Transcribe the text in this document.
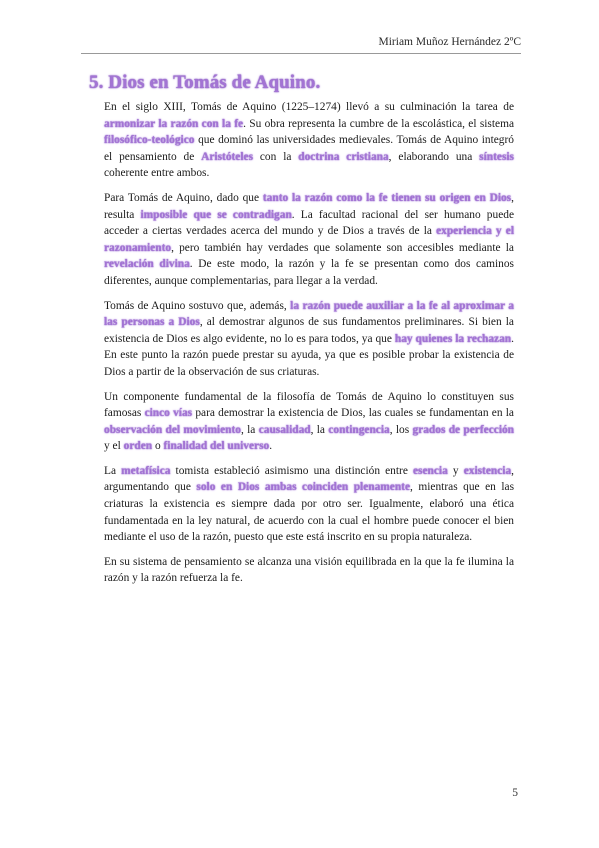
Miriam Muñoz Hernández 2ºC
5. Dios en Tomás de Aquino.

En el siglo XIII, Tomás de Aquino (1225–1274) llevó a su culminación la tarea de armonizar la razón con la fe. Su obra representa la cumbre de la escolástica, el sistema filosófico-teológico que dominó las universidades medievales. Tomás de Aquino integró el pensamiento de Aristóteles con la doctrina cristiana, elaborando una síntesis coherente entre ambos.

Para Tomás de Aquino, dado que tanto la razón como la fe tienen su origen en Dios, resulta imposible que se contradigan. La facultad racional del ser humano puede acceder a ciertas verdades acerca del mundo y de Dios a través de la experiencia y el razonamiento, pero también hay verdades que solamente son accesibles mediante la revelación divina. De este modo, la razón y la fe se presentan como dos caminos diferentes, aunque complementarias, para llegar a la verdad.

Tomás de Aquino sostuvo que, además, la razón puede auxiliar a la fe al aproximar a las personas a Dios, al demostrar algunos de sus fundamentos preliminares. Si bien la existencia de Dios es algo evidente, no lo es para todos, ya que hay quienes la rechazan. En este punto la razón puede prestar su ayuda, ya que es posible probar la existencia de Dios a partir de la observación de sus criaturas.

Un componente fundamental de la filosofía de Tomás de Aquino lo constituyen sus famosas cinco vías para demostrar la existencia de Dios, las cuales se fundamentan en la observación del movimiento, la causalidad, la contingencia, los grados de perfección y el orden o finalidad del universo.

La metafísica tomista estableció asimismo una distinción entre esencia y existencia, argumentando que solo en Dios ambas coinciden plenamente, mientras que en las criaturas la existencia es siempre dada por otro ser. Igualmente, elaboró una ética fundamentada en la ley natural, de acuerdo con la cual el hombre puede conocer el bien mediante el uso de la razón, puesto que este está inscrito en su propia naturaleza.

En su sistema de pensamiento se alcanza una visión equilibrada en la que la fe ilumina la razón y la razón refuerza la fe.

5
